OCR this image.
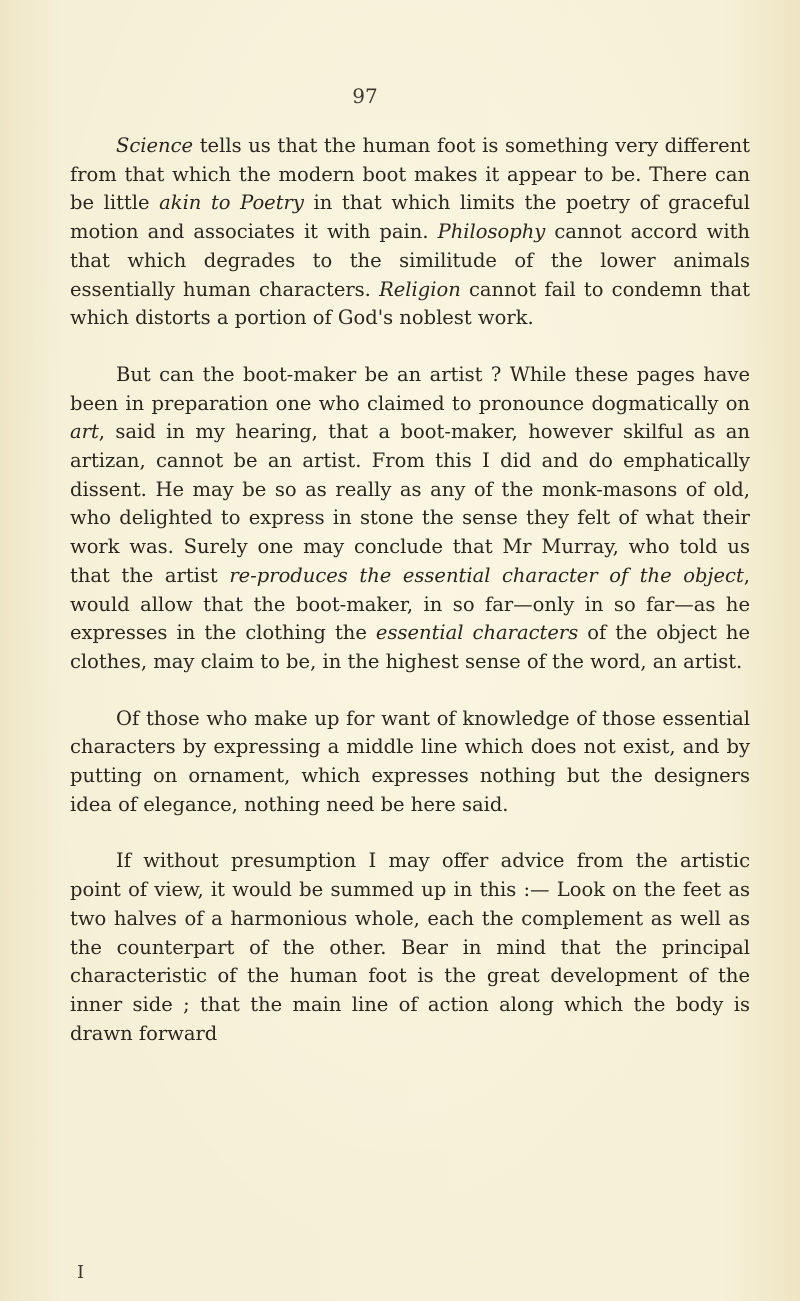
97

Science tells us that the human foot is something very different from that which the modern boot makes it appear to be. There can be little akin to Poetry in that which limits the poetry of graceful motion and associates it with pain. Philosophy cannot accord with that which degrades to the similitude of the lower animals essentially human characters. Religion cannot fail to condemn that which distorts a portion of God's noblest work.

But can the boot-maker be an artist ? While these pages have been in preparation one who claimed to pronounce dogmatically on art, said in my hearing, that a boot-maker, however skilful as an artizan, cannot be an artist. From this I did and do emphatically dissent. He may be so as really as any of the monk-masons of old, who delighted to express in stone the sense they felt of what their work was. Surely one may conclude that Mr Murray, who told us that the artist re-produces the essential character of the object, would allow that the boot-maker, in so far—only in so far—as he expresses in the clothing the essential characters of the object he clothes, may claim to be, in the highest sense of the word, an artist.

Of those who make up for want of knowledge of those essential characters by expressing a middle line which does not exist, and by putting on ornament, which expresses nothing but the designers idea of elegance, nothing need be here said.

If without presumption I may offer advice from the artistic point of view, it would be summed up in this :— Look on the feet as two halves of a harmonious whole, each the complement as well as the counterpart of the other. Bear in mind that the principal characteristic of the human foot is the great development of the inner side ; that the main line of action along which the body is drawn forward

I
